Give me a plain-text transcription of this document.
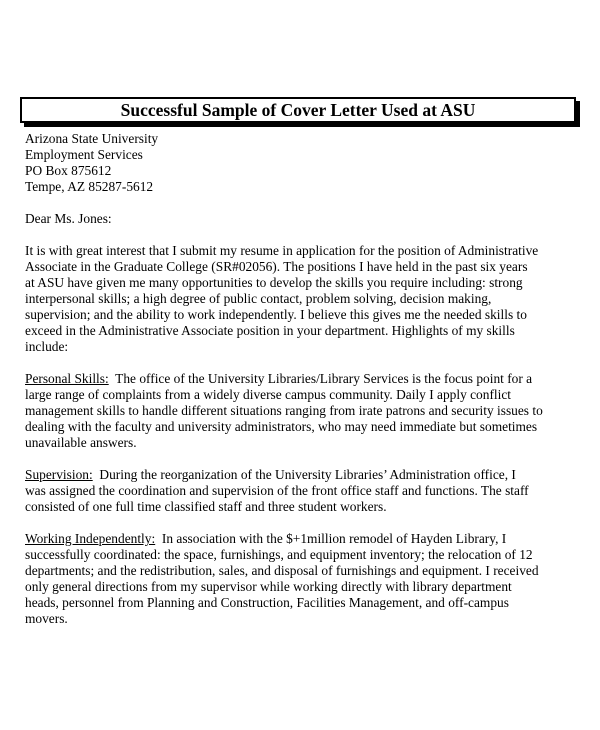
Successful Sample of Cover Letter Used at ASU

Arizona State University

Employment Services

PO Box 875612

Tempe, AZ 85287-5612

Dear Ms. Jones:

It is with great interest that I submit my resume in application for the position of Administrative

Associate in the Graduate College (SR#02056). The positions I have held in the past six years

at ASU have given me many opportunities to develop the skills you require including: strong

interpersonal skills; a high degree of public contact, problem solving, decision making,

supervision; and the ability to work independently. I believe this gives me the needed skills to

exceed in the Administrative Associate position in your department. Highlights of my skills

include:

Personal Skills:  The office of the University Libraries/Library Services is the focus point for a

large range of complaints from a widely diverse campus community. Daily I apply conflict

management skills to handle different situations ranging from irate patrons and security issues to

dealing with the faculty and university administrators, who may need immediate but sometimes

unavailable answers.

Supervision:  During the reorganization of the University Libraries’ Administration office, I

was assigned the coordination and supervision of the front office staff and functions. The staff

consisted of one full time classified staff and three student workers.

Working Independently:  In association with the $+1million remodel of Hayden Library, I

successfully coordinated: the space, furnishings, and equipment inventory; the relocation of 12

departments; and the redistribution, sales, and disposal of furnishings and equipment. I received

only general directions from my supervisor while working directly with library department

heads, personnel from Planning and Construction, Facilities Management, and off-campus

movers.
